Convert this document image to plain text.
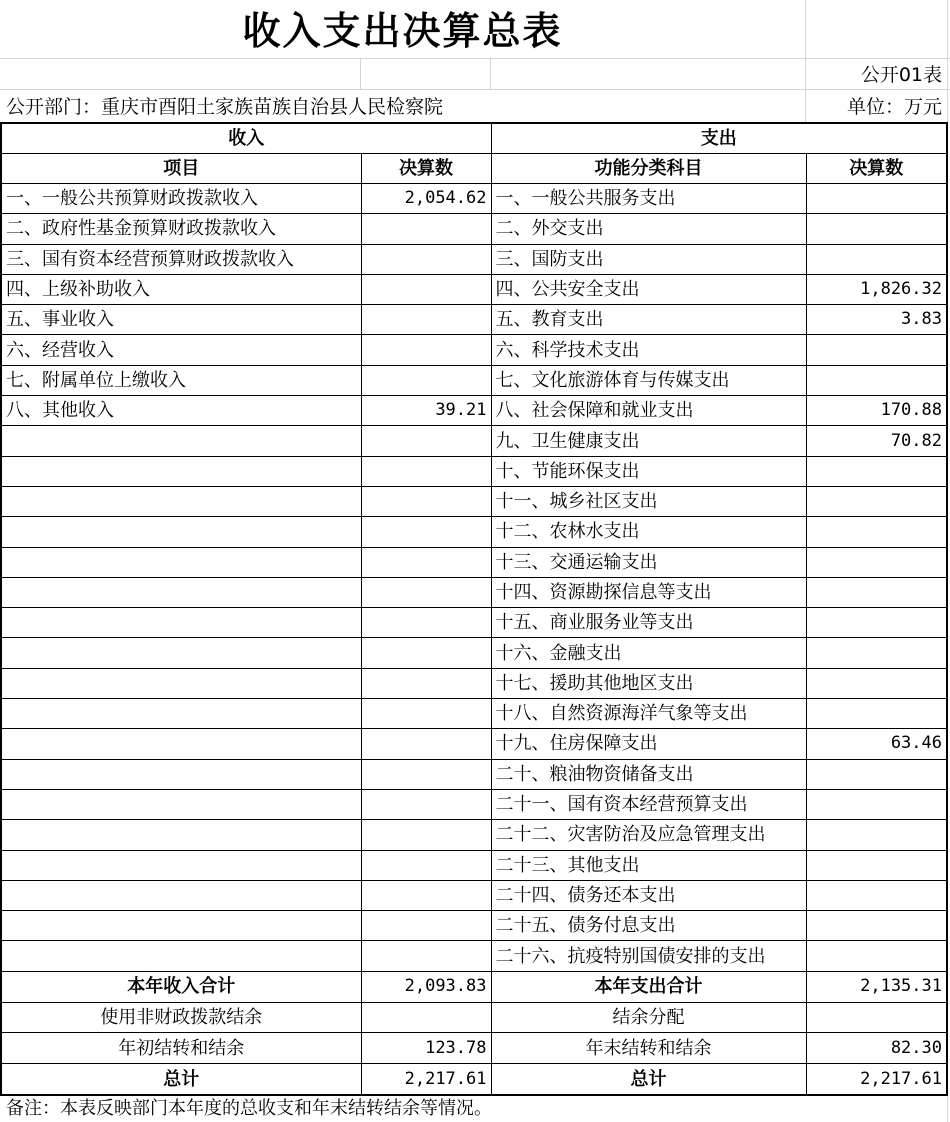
收入支出决算总表
公开01表
公开部门：重庆市酉阳土家族苗族自治县人民检察院	单位：万元
收入		支出	
项目	决算数	功能分类科目	决算数
一、一般公共预算财政拨款收入	2,054.62	一、一般公共服务支出	
二、政府性基金预算财政拨款收入		二、外交支出	
三、国有资本经营预算财政拨款收入		三、国防支出	
四、上级补助收入		四、公共安全支出	1,826.32
五、事业收入		五、教育支出	3.83
六、经营收入		六、科学技术支出	
七、附属单位上缴收入		七、文化旅游体育与传媒支出	
八、其他收入	39.21	八、社会保障和就业支出	170.88
		九、卫生健康支出	70.82
		十、节能环保支出	
		十一、城乡社区支出	
		十二、农林水支出	
		十三、交通运输支出	
		十四、资源勘探信息等支出	
		十五、商业服务业等支出	
		十六、金融支出	
		十七、援助其他地区支出	
		十八、自然资源海洋气象等支出	
		十九、住房保障支出	63.46
		二十、粮油物资储备支出	
		二十一、国有资本经营预算支出	
		二十二、灾害防治及应急管理支出	
		二十三、其他支出	
		二十四、债务还本支出	
		二十五、债务付息支出	
		二十六、抗疫特别国债安排的支出	
本年收入合计	2,093.83	本年支出合计	2,135.31
使用非财政拨款结余		结余分配	
年初结转和结余	123.78	年末结转和结余	82.30
总计	2,217.61	总计	2,217.61
备注：本表反映部门本年度的总收支和年末结转结余等情况。
